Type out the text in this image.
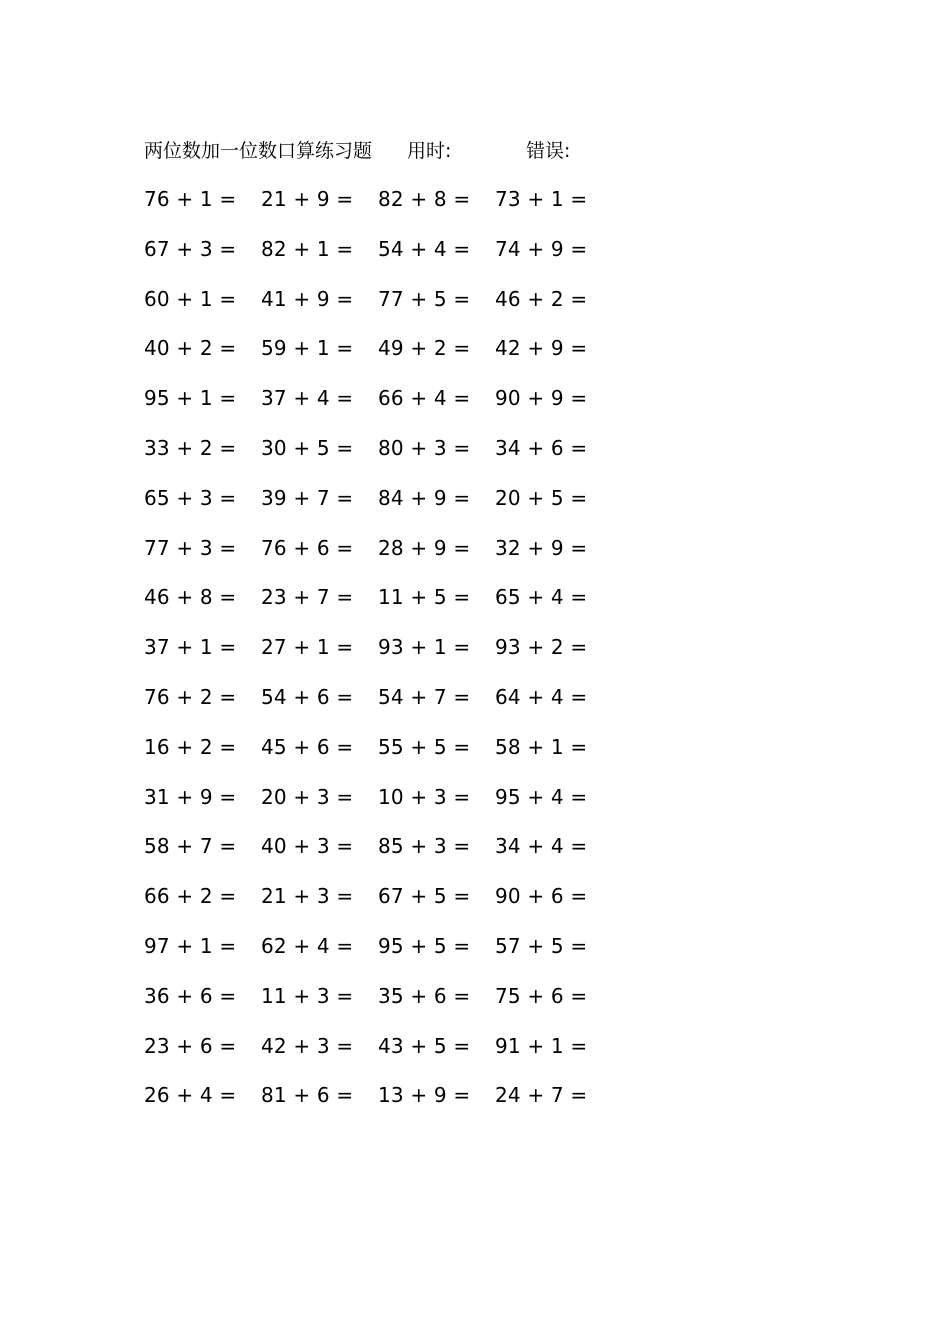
两位数加一位数口算练习题 用时:	错误:
76 + 1 = 21 + 9 = 82 + 8 = 73 + 1 =
67 + 3 = 82 + 1 = 54 + 4 = 74 + 9 =
60 + 1 = 41 + 9 = 77 + 5 = 46 + 2 =
40 + 2 = 59 + 1 = 49 + 2 = 42 + 9 =
95 + 1 = 37 + 4 = 66 + 4 = 90 + 9 =
33 + 2 = 30 + 5 = 80 + 3 = 34 + 6 =
65 + 3 = 39 + 7 = 84 + 9 = 20 + 5 =
77 + 3 = 76 + 6 = 28 + 9 = 32 + 9 =
46 + 8 = 23 + 7 = 11 + 5 = 65 + 4 =
37 + 1 = 27 + 1 = 93 + 1 = 93 + 2 =
76 + 2 = 54 + 6 = 54 + 7 = 64 + 4 =
16 + 2 = 45 + 6 = 55 + 5 = 58 + 1 =
31 + 9 = 20 + 3 = 10 + 3 = 95 + 4 =
58 + 7 = 40 + 3 = 85 + 3 = 34 + 4 =
66 + 2 = 21 + 3 = 67 + 5 = 90 + 6 =
97 + 1 = 62 + 4 = 95 + 5 = 57 + 5 =
36 + 6 = 11 + 3 = 35 + 6 = 75 + 6 =
23 + 6 = 42 + 3 = 43 + 5 = 91 + 1 =
26 + 4 = 81 + 6 = 13 + 9 = 24 + 7 =
